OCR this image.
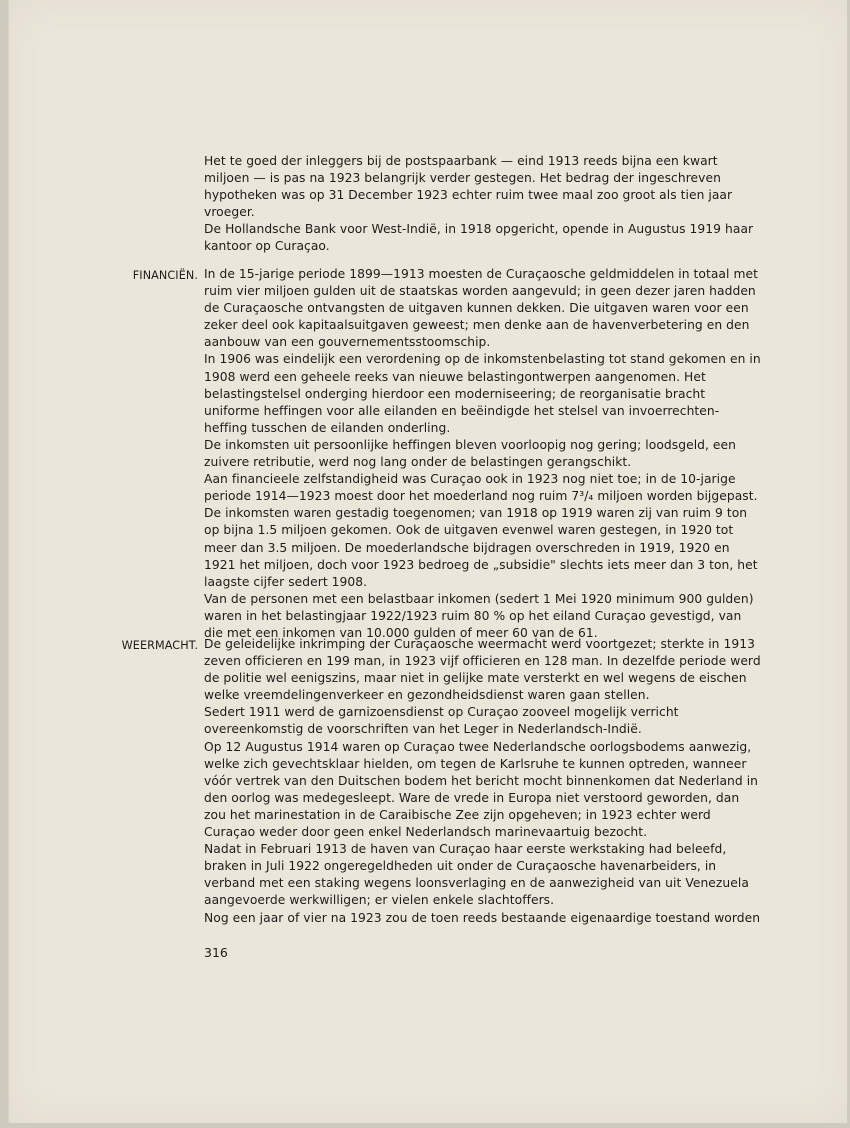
Het te goed der inleggers bij de postspaarbank — eind 1913 reeds bijna een kwart miljoen — is pas na 1923 belangrijk verder gestegen. Het bedrag der ingeschreven hypotheken was op 31 December 1923 echter ruim twee maal zoo groot als tien jaar vroeger.

De Hollandsche Bank voor West-Indië, in 1918 opgericht, opende in Augustus 1919 haar kantoor op Curaçao.

FINANCIËN. In de 15-jarige periode 1899—1913 moesten de Curaçaosche geldmiddelen in totaal met ruim vier miljoen gulden uit de staatskas worden aangevuld; in geen dezer jaren hadden de Curaçaosche ontvangsten de uitgaven kunnen dekken. Die uitgaven waren voor een zeker deel ook kapitaalsuitgaven geweest; men denke aan de havenverbetering en den aanbouw van een gouvernementsstoomschip.

In 1906 was eindelijk een verordening op de inkomstenbelasting tot stand gekomen en in 1908 werd een geheele reeks van nieuwe belastingontwerpen aangenomen. Het belastingstelsel onderging hierdoor een moderniseering; de reorganisatie bracht uniforme heffingen voor alle eilanden en beëindigde het stelsel van invoerrechten-heffing tusschen de eilanden onderling.

De inkomsten uit persoonlijke heffingen bleven voorloopig nog gering; loodsgeld, een zuivere retributie, werd nog lang onder de belastingen gerangschikt.

Aan financieele zelfstandigheid was Curaçao ook in 1923 nog niet toe; in de 10-jarige periode 1914—1923 moest door het moederland nog ruim 7³/₄ miljoen worden bijgepast. De inkomsten waren gestadig toegenomen; van 1918 op 1919 waren zij van ruim 9 ton op bijna 1.5 miljoen gekomen. Ook de uitgaven evenwel waren gestegen, in 1920 tot meer dan 3.5 miljoen. De moederlandsche bijdragen overschreden in 1919, 1920 en 1921 het miljoen, doch voor 1923 bedroeg de „subsidie" slechts iets meer dan 3 ton, het laagste cijfer sedert 1908.

Van de personen met een belastbaar inkomen (sedert 1 Mei 1920 minimum 900 gulden) waren in het belastingjaar 1922/1923 ruim 80 % op het eiland Curaçao gevestigd, van die met een inkomen van 10.000 gulden of meer 60 van de 61.

WEERMACHT. De geleidelijke inkrimping der Curaçaosche weermacht werd voortgezet; sterkte in 1913 zeven officieren en 199 man, in 1923 vijf officieren en 128 man. In dezelfde periode werd de politie wel eenigszins, maar niet in gelijke mate versterkt en wel wegens de eischen welke vreemdelingenverkeer en gezondheidsdienst waren gaan stellen.

Sedert 1911 werd de garnizoensdienst op Curaçao zooveel mogelijk verricht overeenkomstig de voorschriften van het Leger in Nederlandsch-Indië.

Op 12 Augustus 1914 waren op Curaçao twee Nederlandsche oorlogsbodems aanwezig, welke zich gevechtsklaar hielden, om tegen de Karlsruhe te kunnen optreden, wanneer vóór vertrek van den Duitschen bodem het bericht mocht binnenkomen dat Nederland in den oorlog was medegesleept. Ware de vrede in Europa niet verstoord geworden, dan zou het marinestation in de Caraibische Zee zijn opgeheven; in 1923 echter werd Curaçao weder door geen enkel Nederlandsch marinevaartuig bezocht.

Nadat in Februari 1913 de haven van Curaçao haar eerste werkstaking had beleefd, braken in Juli 1922 ongeregeldheden uit onder de Curaçaosche havenarbeiders, in verband met een staking wegens loonsverlaging en de aanwezigheid van uit Venezuela aangevoerde werkwilligen; er vielen enkele slachtoffers.

Nog een jaar of vier na 1923 zou de toen reeds bestaande eigenaardige toestand worden

316
